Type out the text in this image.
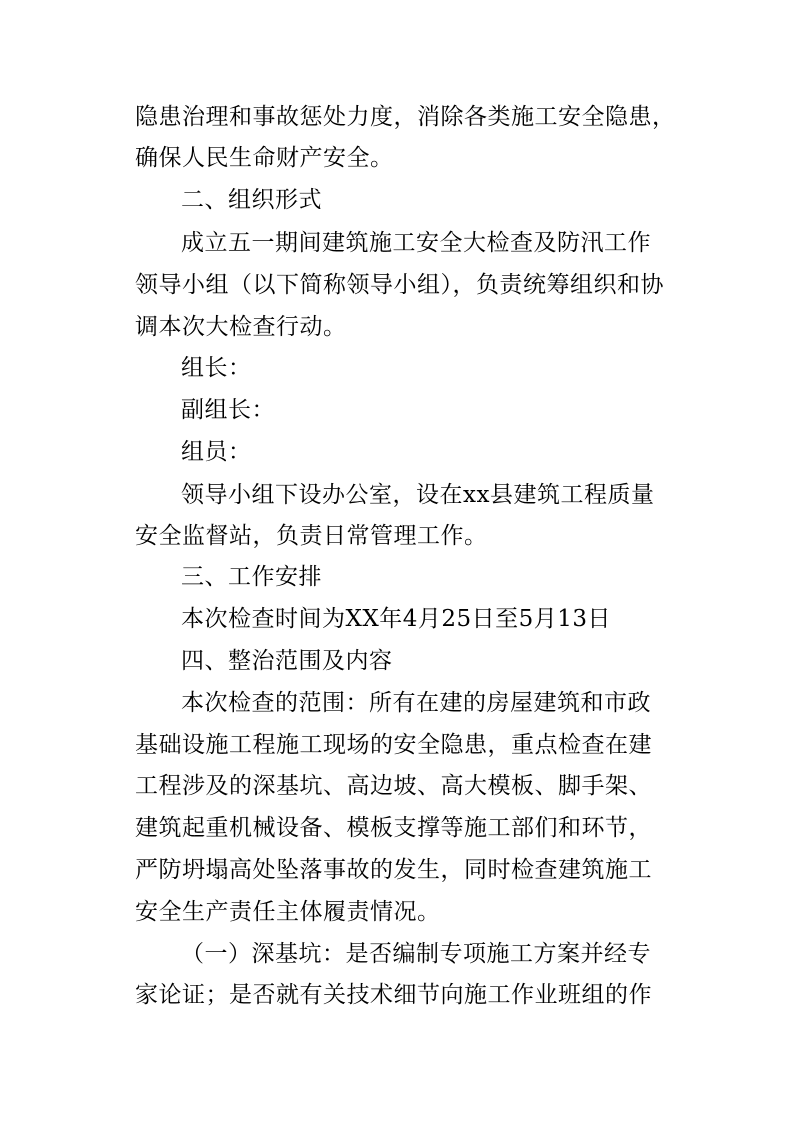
隐患治理和事故惩处力度，消除各类施工安全隐患，
确保人民生命财产安全。
二、组织形式
成立五一期间建筑施工安全大检查及防汛工作
领导小组（以下简称领导小组），负责统筹组织和协
调本次大检查行动。
组长：
副组长：
组员：
领导小组下设办公室，设在xx县建筑工程质量
安全监督站，负责日常管理工作。
三、工作安排
本次检查时间为XX年4月25日至5月13日
四、整治范围及内容
本次检查的范围：所有在建的房屋建筑和市政
基础设施工程施工现场的安全隐患，重点检查在建
工程涉及的深基坑、高边坡、高大模板、脚手架、
建筑起重机械设备、模板支撑等施工部们和环节，
严防坍塌高处坠落事故的发生，同时检查建筑施工
安全生产责任主体履责情况。
（一）深基坑：是否编制专项施工方案并经专
家论证；是否就有关技术细节向施工作业班组的作
